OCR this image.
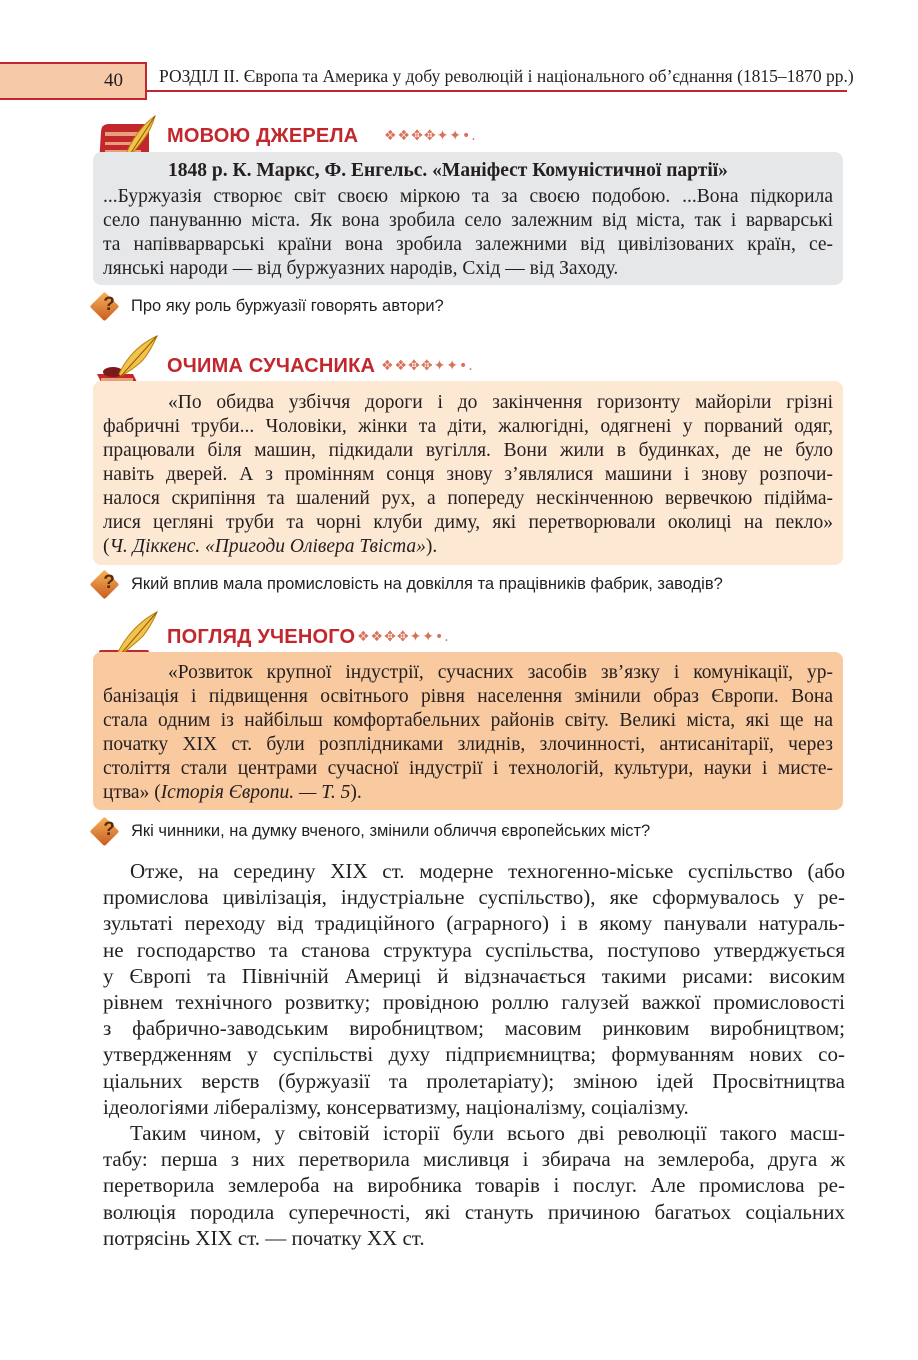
40 РОЗДІЛ ІІ. Європа та Америка у добу революцій і національного об’єднання (1815–1870 рр.)
МОВОЮ ДЖЕРЕЛА ❖❖✥✥✦✦•.
1848 р. К. Маркс, Ф. Енгельс. «Маніфест Комуністичної партії»
...Буржуазія створює світ своєю міркою та за своєю подобою. ...Вона підкорила
село пануванню міста. Як вона зробила село залежним від міста, так і варварські
та напівварварські країни вона зробила залежними від цивілізованих країн, се-
лянські народи — від буржуазних народів, Схід — від Заходу.
? Про яку роль буржуазії говорять автори?
ОЧИМА СУЧАСНИКА ❖❖✥✥✦✦•.
«По обидва узбіччя дороги і до закінчення горизонту майоріли грізні
фабричні труби... Чоловіки, жінки та діти, жалюгідні, одягнені у порваний одяг,
працювали біля машин, підкидали вугілля. Вони жили в будинках, де не було
навіть дверей. А з промінням сонця знову з’являлися машини і знову розпочи-
налося скрипіння та шалений рух, а попереду нескінченною вервечкою підійма-
лися цегляні труби та чорні клуби диму, які перетворювали околиці на пекло»
(Ч. Діккенс. «Пригоди Олівера Твіста»).
? Який вплив мала промисловість на довкілля та працівників фабрик, заводів?
ПОГЛЯД УЧЕНОГО ❖❖✥✥✦✦•.
«Розвиток крупної індустрії, сучасних засобів зв’язку і комунікації, ур-
банізація і підвищення освітнього рівня населення змінили образ Європи. Вона
стала одним із найбільш комфортабельних районів світу. Великі міста, які ще на
початку XIX ст. були розплідниками злиднів, злочинності, антисанітарії, через
століття стали центрами сучасної індустрії і технологій, культури, науки і мисте-
цтва» (Історія Європи. — Т. 5).
? Які чинники, на думку вченого, змінили обличчя європейських міст?
Отже, на середину XIX ст. модерне техногенно-міське суспільство (або
промислова цивілізація, індустріальне суспільство), яке сформувалось у ре-
зультаті переходу від традиційного (аграрного) і в якому панували натураль-
не господарство та станова структура суспільства, поступово утверджується
у Європі та Північній Америці й відзначається такими рисами: високим
рівнем технічного розвитку; провідною роллю галузей важкої промисловості
з фабрично-заводським виробництвом; масовим ринковим виробництвом;
утвердженням у суспільстві духу підприємництва; формуванням нових со-
ціальних верств (буржуазії та пролетаріату); зміною ідей Просвітництва
ідеологіями лібералізму, консерватизму, націоналізму, соціалізму.
Таким чином, у світовій історії були всього дві революції такого масш-
табу: перша з них перетворила мисливця і збирача на землероба, друга ж
перетворила землероба на виробника товарів і послуг. Але промислова ре-
волюція породила суперечності, які стануть причиною багатьох соціальних
потрясінь XIX ст. — початку XX ст.
